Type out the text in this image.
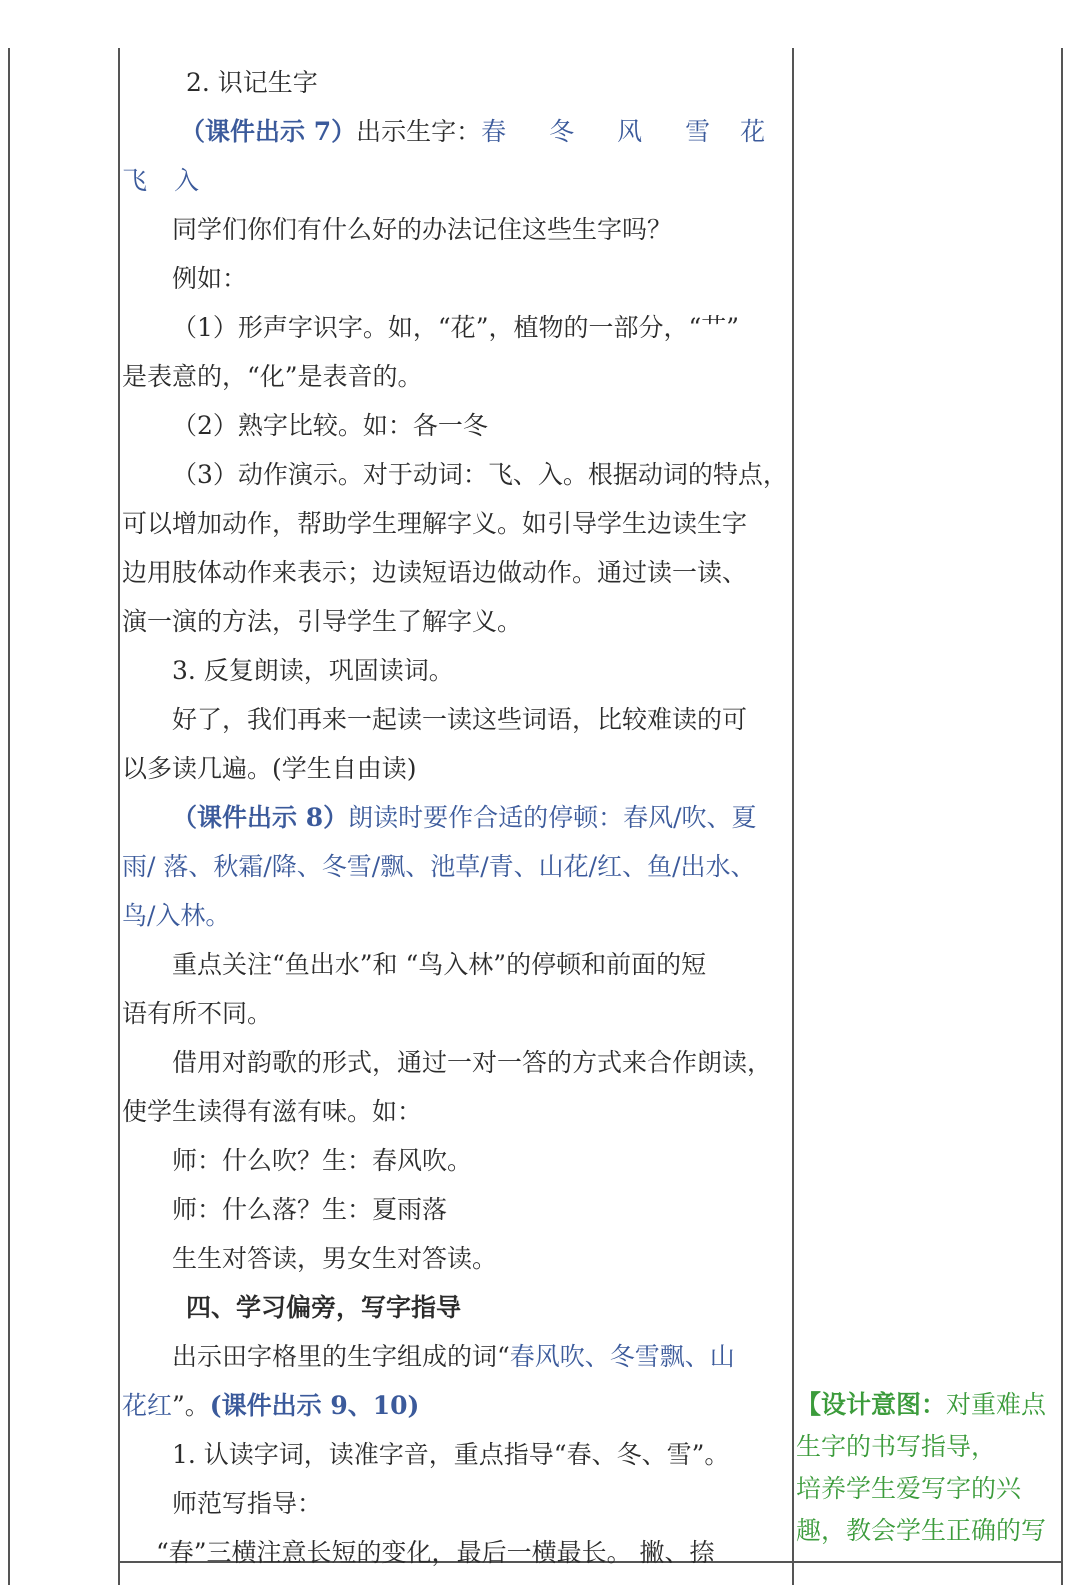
2. 识记生字
（课件出示 7）出示生字：春 冬 风 雪 花
飞 入
同学们你们有什么好的办法记住这些生字吗？
例如：
（1）形声字识字。如，“花”，植物的一部分，“艹”
是表意的，“化”是表音的。
（2）熟字比较。如：各一冬
（3）动作演示。对于动词：飞、入。根据动词的特点，
可以增加动作，帮助学生理解字义。如引导学生边读生字
边用肢体动作来表示；边读短语边做动作。通过读一读、
演一演的方法，引导学生了解字义。
3. 反复朗读，巩固读词。
好了，我们再来一起读一读这些词语，比较难读的可
以多读几遍。(学生自由读)
（课件出示 8）朗读时要作合适的停顿：春风/吹、夏
雨/ 落、秋霜/降、冬雪/飘、池草/青、山花/红、鱼/出水、
鸟/入林。
重点关注“鱼出水”和 “鸟入林”的停顿和前面的短
语有所不同。
借用对韵歌的形式，通过一对一答的方式来合作朗读，
使学生读得有滋有味。如：
师：什么吹？生：春风吹。
师：什么落？生：夏雨落
生生对答读，男女生对答读。
四、学习偏旁，写字指导
出示田字格里的生字组成的词“春风吹、冬雪飘、山
花红”。(课件出示 9、10)
1. 认读字词，读准字音，重点指导“春、冬、雪”。
师范写指导：
“春”三横注意长短的变化，最后一横最长。 撇、捺
【设计意图：对重难点
生字的书写指导，
培养学生爱写字的兴
趣，教会学生正确的写
